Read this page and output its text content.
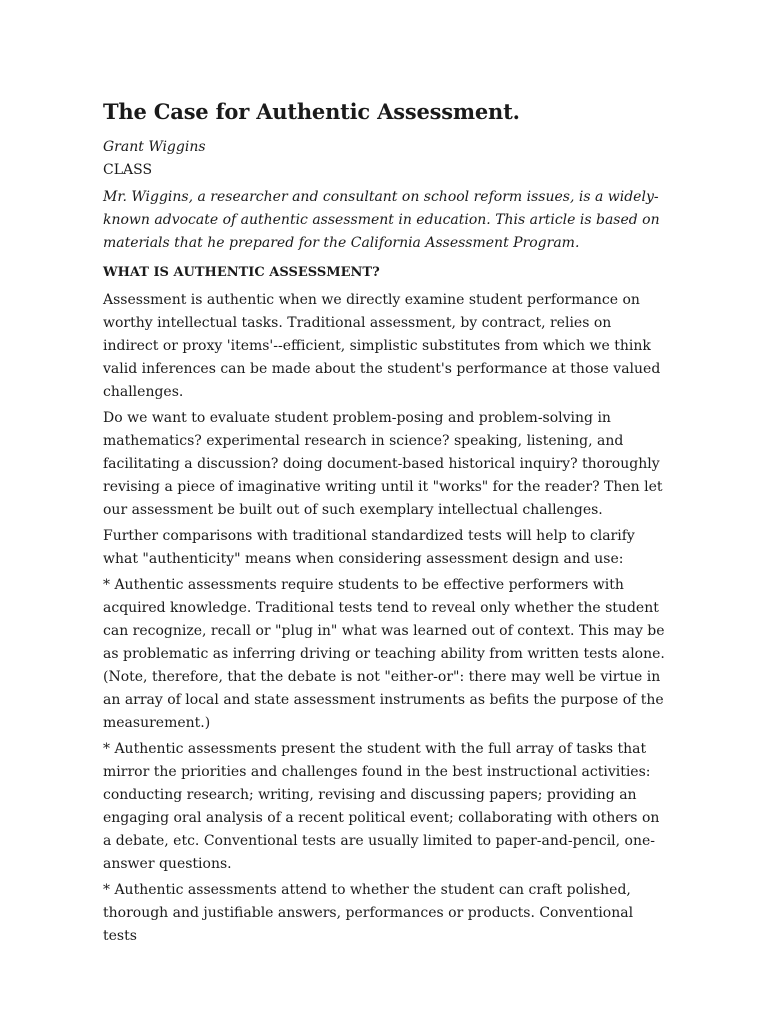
The Case for Authentic Assessment.

Grant Wiggins

CLASS

Mr. Wiggins, a researcher and consultant on school reform issues, is a widely-known advocate of authentic assessment in education. This article is based on materials that he prepared for the California Assessment Program.

WHAT IS AUTHENTIC ASSESSMENT?

Assessment is authentic when we directly examine student performance on worthy intellectual tasks. Traditional assessment, by contract, relies on indirect or proxy 'items'--efficient, simplistic substitutes from which we think valid inferences can be made about the student's performance at those valued challenges.

Do we want to evaluate student problem-posing and problem-solving in mathematics? experimental research in science? speaking, listening, and facilitating a discussion? doing document-based historical inquiry? thoroughly revising a piece of imaginative writing until it "works" for the reader? Then let our assessment be built out of such exemplary intellectual challenges.

Further comparisons with traditional standardized tests will help to clarify what "authenticity" means when considering assessment design and use:

* Authentic assessments require students to be effective performers with acquired knowledge. Traditional tests tend to reveal only whether the student can recognize, recall or "plug in" what was learned out of context. This may be as problematic as inferring driving or teaching ability from written tests alone. (Note, therefore, that the debate is not "either-or": there may well be virtue in an array of local and state assessment instruments as befits the purpose of the measurement.)

* Authentic assessments present the student with the full array of tasks that mirror the priorities and challenges found in the best instructional activities: conducting research; writing, revising and discussing papers; providing an engaging oral analysis of a recent political event; collaborating with others on a debate, etc. Conventional tests are usually limited to paper-and-pencil, one-answer questions.

* Authentic assessments attend to whether the student can craft polished, thorough and justifiable answers, performances or products. Conventional tests
